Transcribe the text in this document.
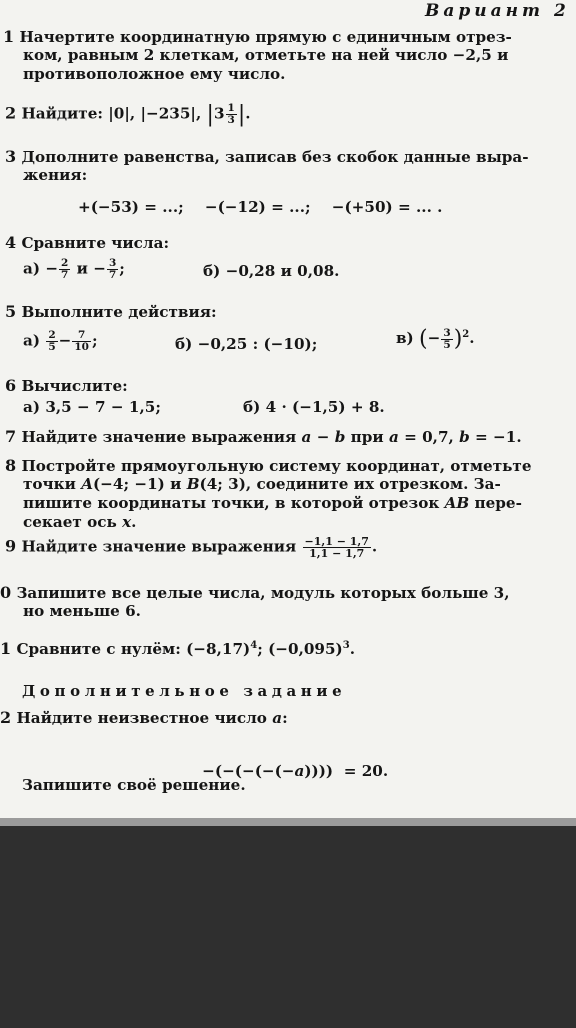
Вариант 2
1 Начертите координатную прямую с единичным отрез-
ком, равным 2 клеткам, отметьте на ней число −2,5 и
противоположное ему число.
2 Найдите: |0|, |−235|, $|3 \frac{1}{3}$ |.
3 Дополните равенства, записав без скобок данные выра-
жения:
+(−53) = ...;    −(−12) = ...;    −(+50) = ... .
4 Сравните числа:
$а) - \frac{2}{7}$ $и - \frac{3}{7}$ ;	б) −0,28 и 0,08.
5 Выполните действия:
$а) \frac{2}{5} - \frac{7}{10}$ ;	б) −0,25 : (−10);	в) (− $\frac{3}{5} )^2$.
6 Вычислите:
а) 3,5 − 7 − 1,5;	б) 4 · (−1,5) + 8.
7 Найдите значение выражения a − b при a = 0,7, b = −1.
8 Постройте прямоугольную систему координат, отметьте
точки A(−4; −1) и B(4; 3), соедините их отрезком. За-
пишите координаты точки, в которой отрезок AB пере-
секает ось x.
9 Найдите значение выражения $\frac{-1,1 - 1,7}{1,1 - 1,7}$ .
0 Запишите все целые числа, модуль которых больше 3,
но меньше 6.
1 Сравните с нулём: $(-8,17)^4$; $(-0,095)^3$.
Дополнительное задание
2 Найдите неизвестное число a:

−(−(−(−(−a))))  = 20.

Запишите своё решение.
